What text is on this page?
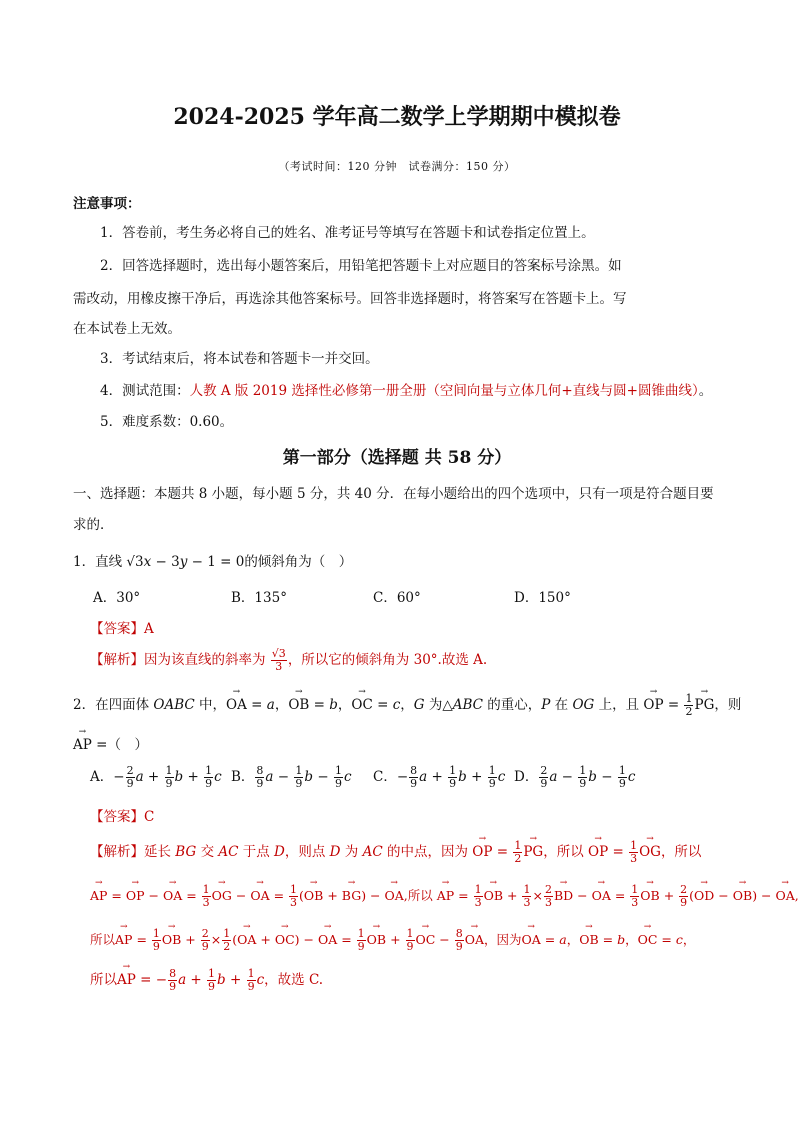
2024-2025 学年高二数学上学期期中模拟卷
（考试时间：120 分钟　试卷满分：150 分）
注意事项：
1．答卷前，考生务必将自己的姓名、准考证号等填写在答题卡和试卷指定位置上。
2．回答选择题时，选出每小题答案后，用铅笔把答题卡上对应题目的答案标号涂黑。如
需改动，用橡皮擦干净后，再选涂其他答案标号。回答非选择题时，将答案写在答题卡上。写
在本试卷上无效。
3．考试结束后，将本试卷和答题卡一并交回。
4．测试范围：人教 A 版 2019 选择性必修第一册全册（空间向量与立体几何+直线与圆+圆锥曲线）。
5．难度系数：0.60。
第一部分（选择题 共 58 分）
一、选择题：本题共 8 小题，每小题 5 分，共 40 分．在每小题给出的四个选项中，只有一项是符合题目要
求的．
1．直线 √3x − 3y − 1 = 0的倾斜角为（　）
A．30°	B．135°	C．60°	D．150°
【答案】A
【解析】因为该直线的斜率为 $\frac{√3}{3}$ ，所以它的倾斜角为 30°.故选 A.
2．在四面体 OABC 中，→ OA = a，→ OB = b，→ OC = c，G 为△ABC 的重心，P 在 OG 上，且 → OP = $\frac{1}{2}$ → PG，则
→ AP =（　）
A．− $\frac{2}{9}$ $a + \frac{1}{9}$ $b + \frac{1}{9}$ c B． $\frac{8}{9}$ $a - \frac{1}{9}$ $b - \frac{1}{9}$ c C．− $\frac{8}{9}$ $a + \frac{1}{9}$ $b + \frac{1}{9}$ c D． $\frac{2}{9}$ $a - \frac{1}{9}$ $b - \frac{1}{9}$ c
【答案】C
【解析】延长 BG 交 AC 于点 D，则点 D 为 AC 的中点，因为 → OP = $\frac{1}{2}$ → PG，所以 → OP = $\frac{1}{3}$ → OG，所以
→ AP = → OP − → OA = $\frac{1}{3}$ → OG − → OA = $\frac{1}{3}$ (→ OB + → BG) − → OA,所以 → AP = $\frac{1}{3}$ → OB + $\frac{1}{3} \times \frac{2}{3}$ → BD − → OA = $\frac{1}{3}$ → OB + $\frac{2}{9}$ (→ OD − → OB) − → OA,
所以→ AP = $\frac{1}{9}$ → OB + $\frac{2}{9} \times \frac{1}{2}$ (→ OA + → OC) − → OA = $\frac{1}{9}$ → OB + $\frac{1}{9}$ → OC − $\frac{8}{9}$ → OA，因为→ OA = a，→ OB = b，→ OC = c，
所以→ AP = − $\frac{8}{9}$ $a + \frac{1}{9}$ $b + \frac{1}{9}$ c，故选 C.
